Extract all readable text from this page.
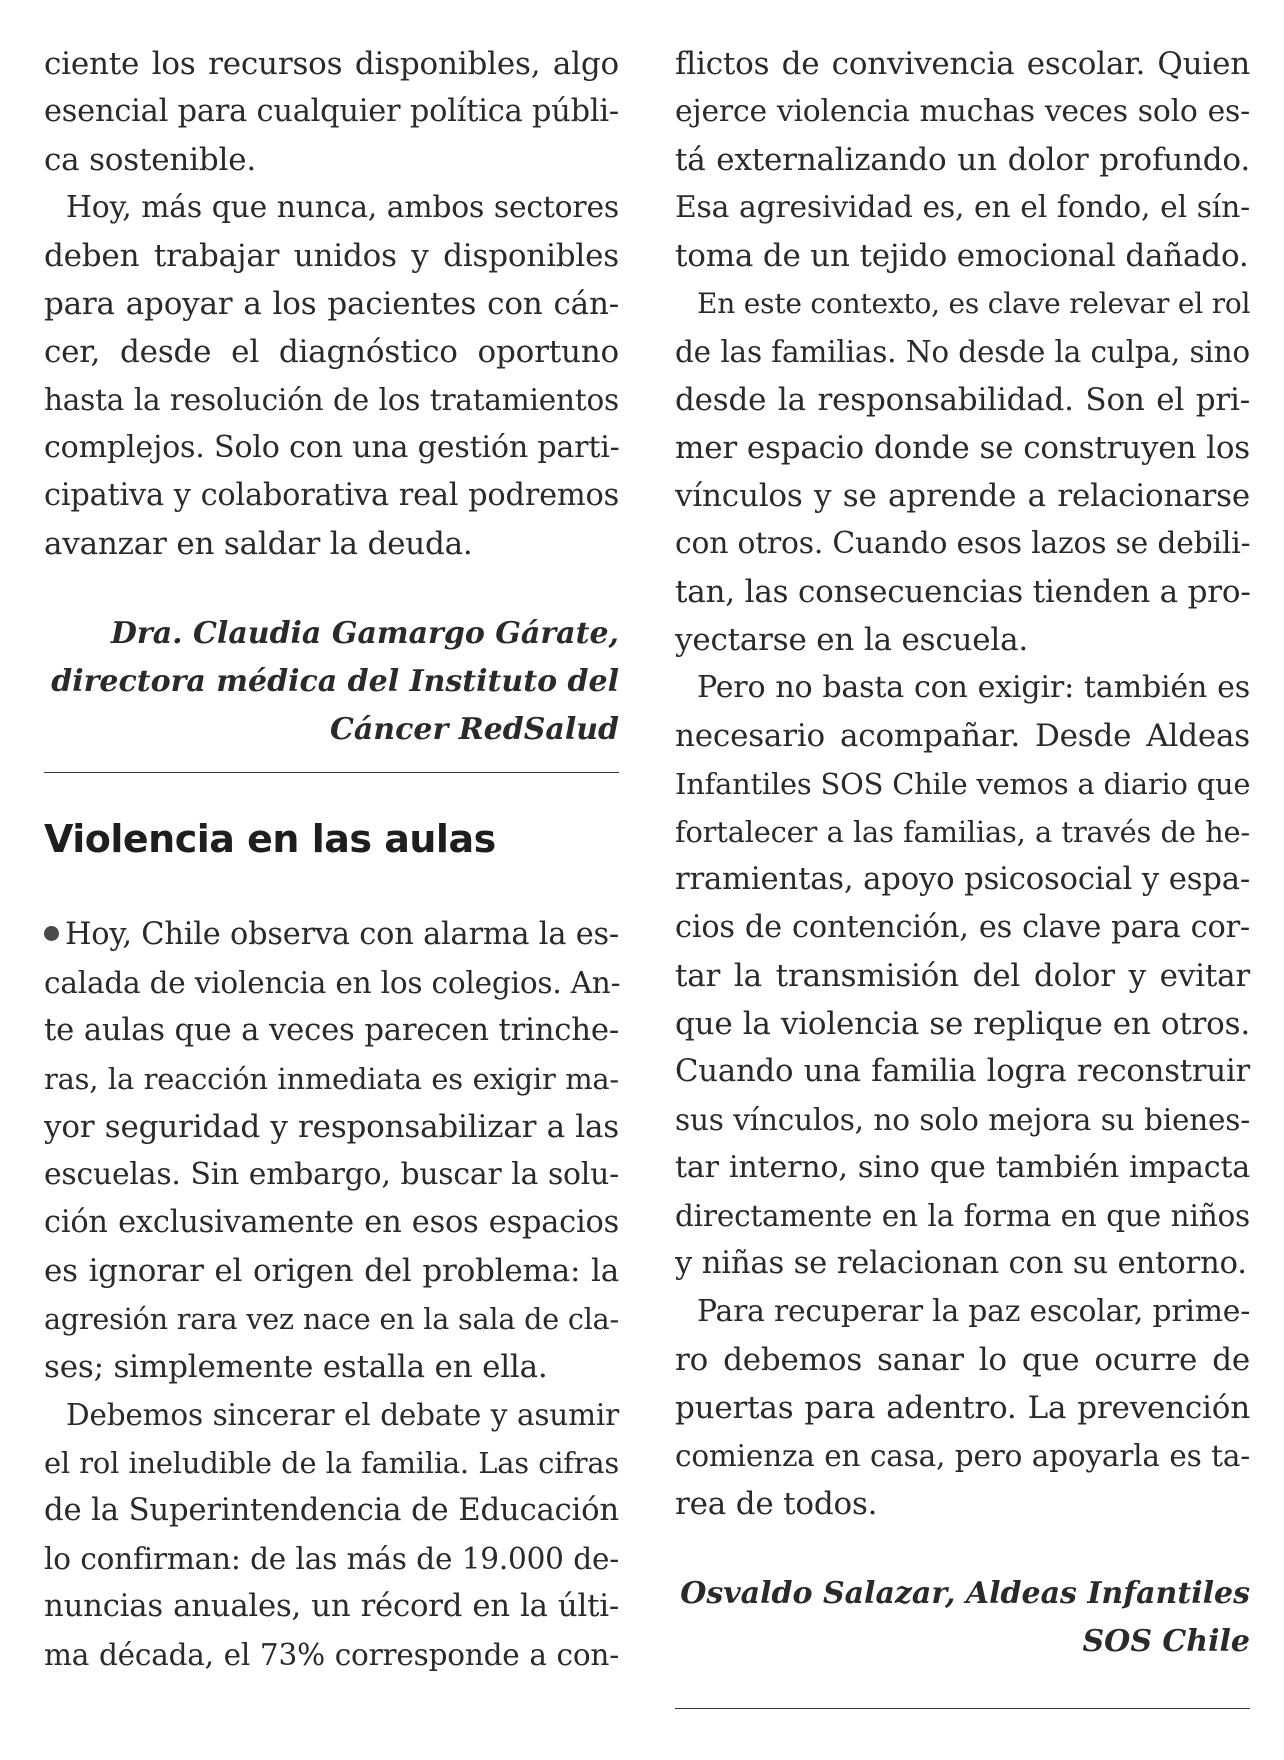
ciente los recursos disponibles, algo
esencial para cualquier política públi-
ca sostenible.
Hoy, más que nunca, ambos sectores
deben trabajar unidos y disponibles
para apoyar a los pacientes con cán-
cer, desde el diagnóstico oportuno
hasta la resolución de los tratamientos
complejos. Solo con una gestión parti-
cipativa y colaborativa real podremos
avanzar en saldar la deuda.
Dra. Claudia Gamargo Gárate,
directora médica del Instituto del
Cáncer RedSalud
Violencia en las aulas
Hoy, Chile observa con alarma la es-
calada de violencia en los colegios. An-
te aulas que a veces parecen trinche-
ras, la reacción inmediata es exigir ma-
yor seguridad y responsabilizar a las
escuelas. Sin embargo, buscar la solu-
ción exclusivamente en esos espacios
es ignorar el origen del problema: la
agresión rara vez nace en la sala de cla-
ses; simplemente estalla en ella.
Debemos sincerar el debate y asumir
el rol ineludible de la familia. Las cifras
de la Superintendencia de Educación
lo confirman: de las más de 19.000 de-
nuncias anuales, un récord en la últi-
ma década, el 73% corresponde a con-
flictos de convivencia escolar. Quien
ejerce violencia muchas veces solo es-
tá externalizando un dolor profundo.
Esa agresividad es, en el fondo, el sín-
toma de un tejido emocional dañado.
En este contexto, es clave relevar el rol
de las familias. No desde la culpa, sino
desde la responsabilidad. Son el pri-
mer espacio donde se construyen los
vínculos y se aprende a relacionarse
con otros. Cuando esos lazos se debili-
tan, las consecuencias tienden a pro-
yectarse en la escuela.
Pero no basta con exigir: también es
necesario acompañar. Desde Aldeas
Infantiles SOS Chile vemos a diario que
fortalecer a las familias, a través de he-
rramientas, apoyo psicosocial y espa-
cios de contención, es clave para cor-
tar la transmisión del dolor y evitar
que la violencia se replique en otros.
Cuando una familia logra reconstruir
sus vínculos, no solo mejora su bienes-
tar interno, sino que también impacta
directamente en la forma en que niños
y niñas se relacionan con su entorno.
Para recuperar la paz escolar, prime-
ro debemos sanar lo que ocurre de
puertas para adentro. La prevención
comienza en casa, pero apoyarla es ta-
rea de todos.
Osvaldo Salazar, Aldeas Infantiles
SOS Chile
